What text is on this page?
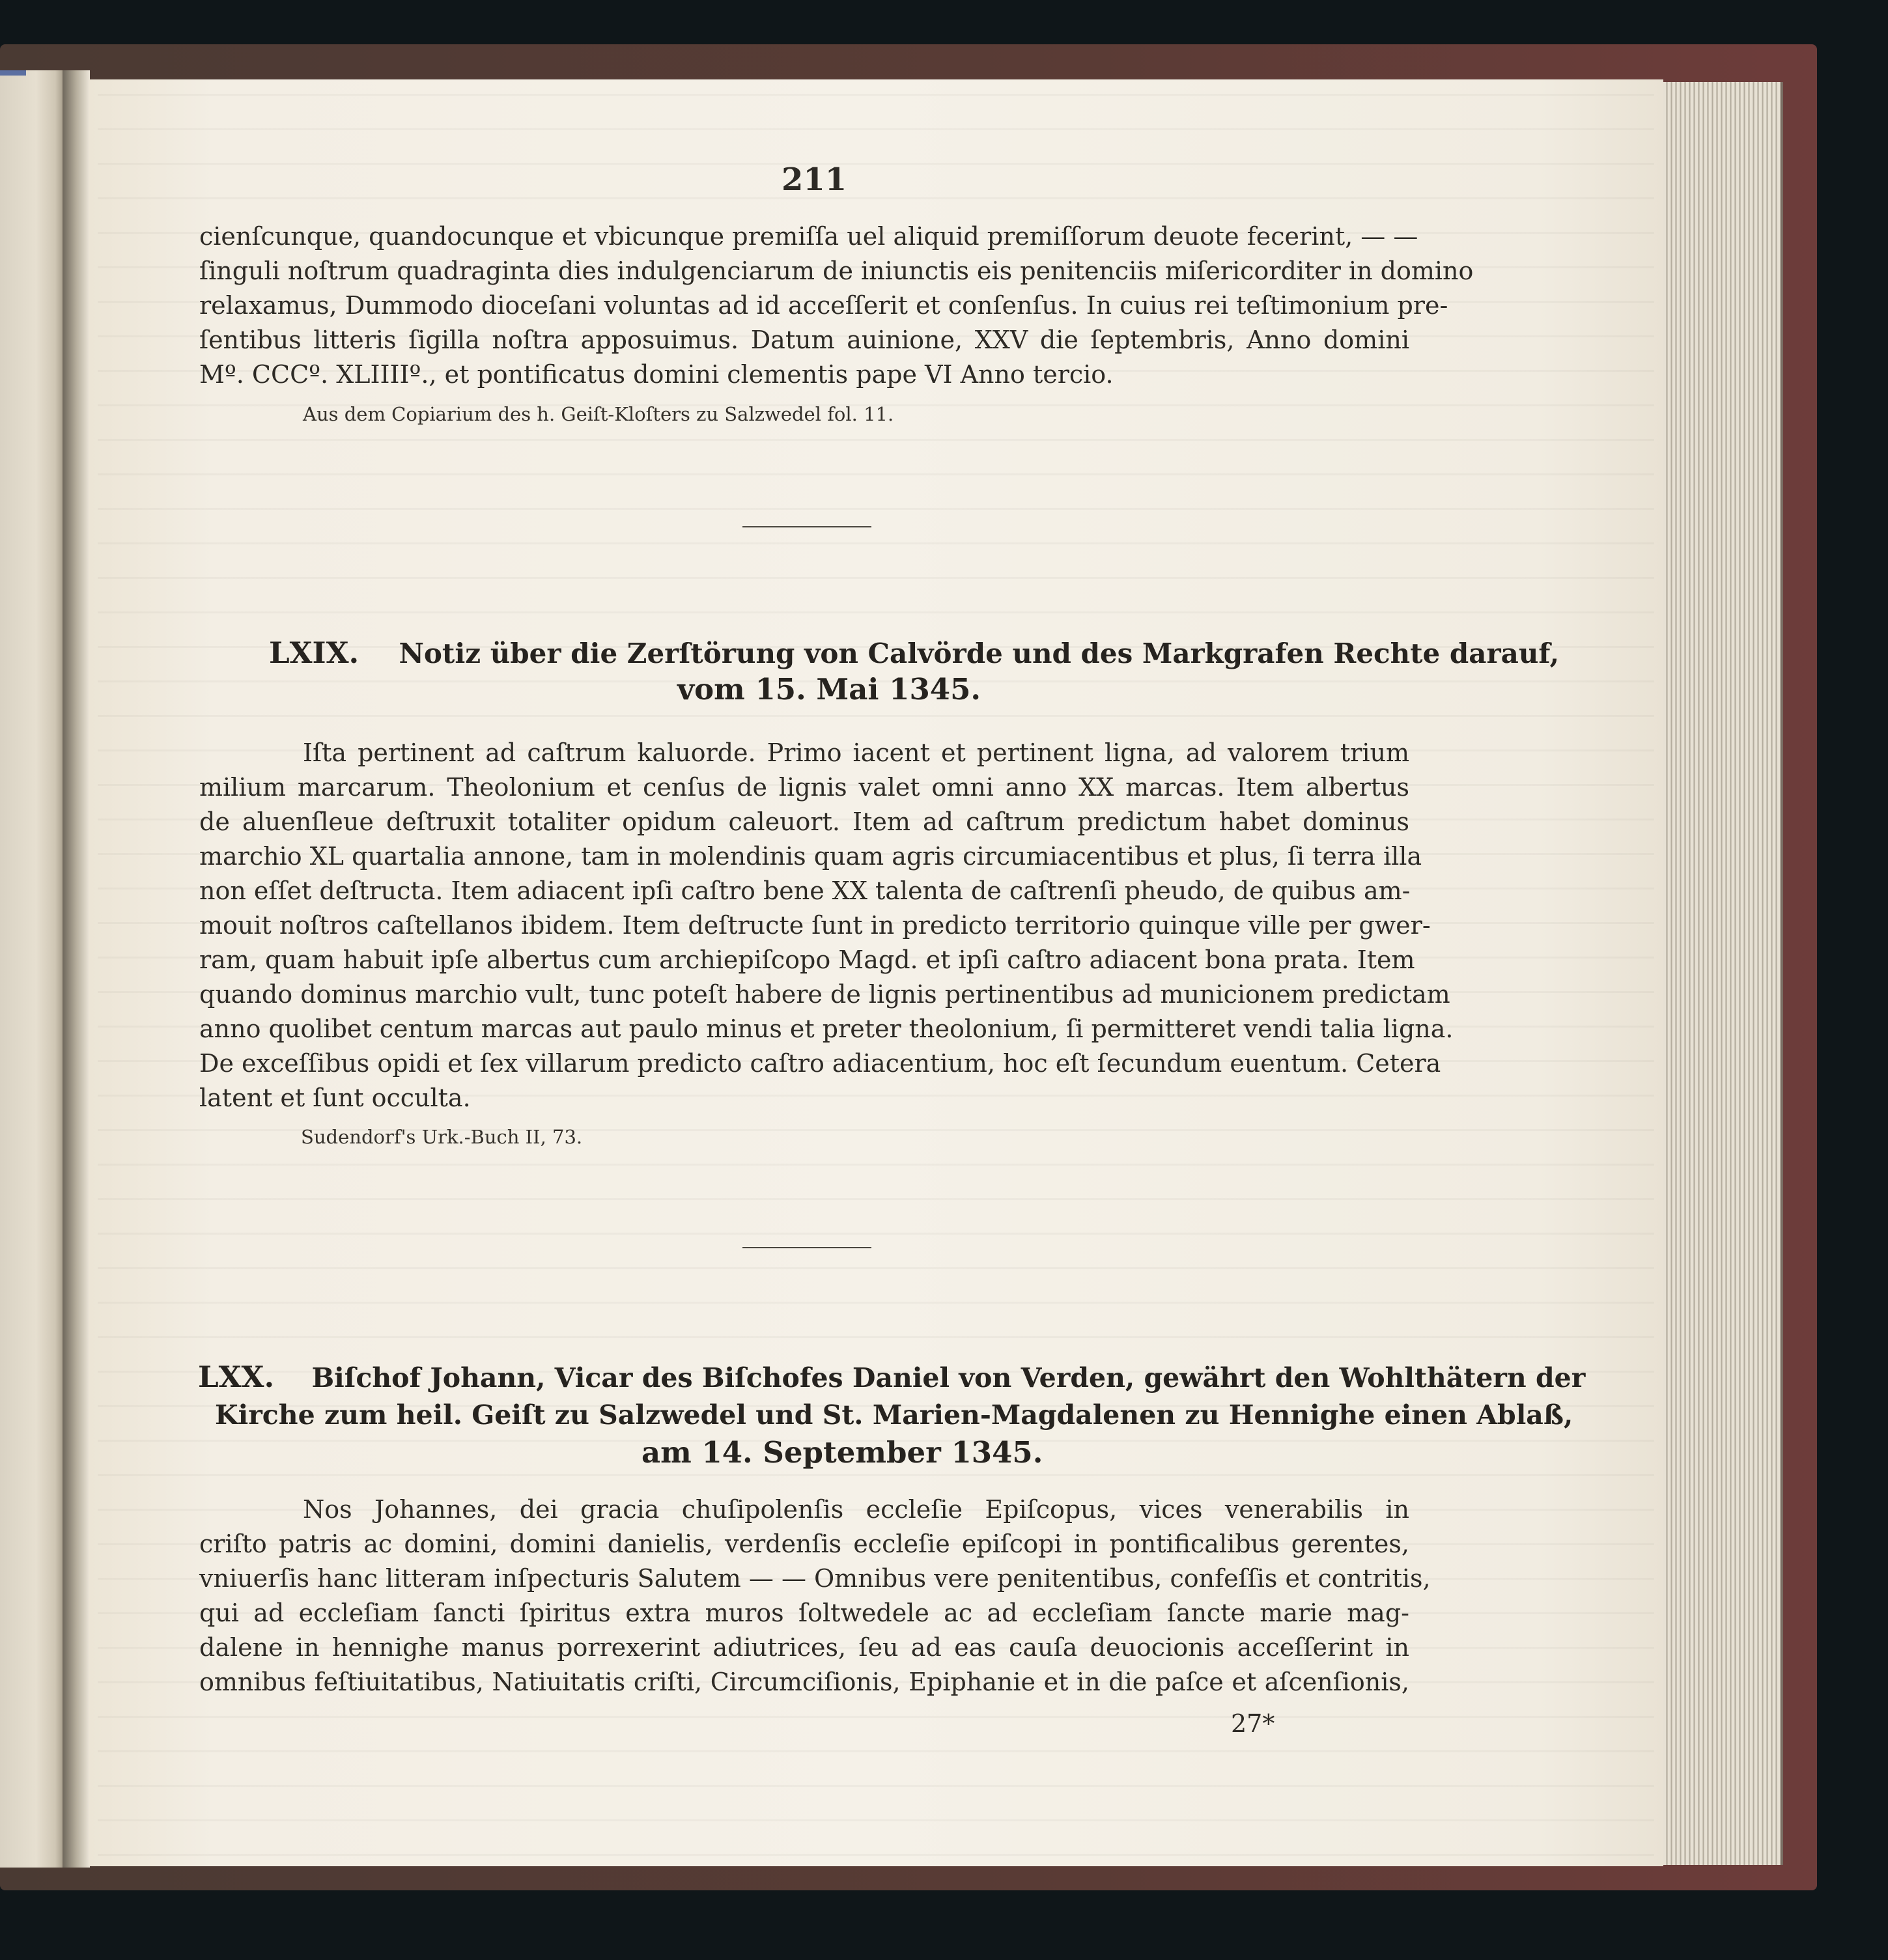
211

cienſcunque, quandocunque et vbicunque premiſſa uel aliquid premiſſorum deuote fecerint, — —

ſinguli noſtrum quadraginta dies indulgenciarum de iniunctis eis penitenciis miſericorditer in domino

relaxamus, Dummodo dioceſani voluntas ad id acceſſerit et conſenſus. In cuius rei teſtimonium pre-

ſentibus litteris ſigilla noſtra apposuimus. Datum auinione, XXV die ſeptembris, Anno domini

Mº. CCCº. XLIIIIº., et pontificatus domini clementis pape VI Anno tercio.

Aus dem Copiarium des h. Geiſt-Kloſters zu Salzwedel fol. 11.

LXIX. Notiz über die Zerſtörung von Calvörde und des Markgrafen Rechte darauf,

vom 15. Mai 1345.

Iſta pertinent ad caſtrum kaluorde. Primo iacent et pertinent ligna, ad valorem trium

milium marcarum. Theolonium et cenſus de lignis valet omni anno XX marcas. Item albertus

de aluenſleue deſtruxit totaliter opidum caleuort. Item ad caſtrum predictum habet dominus

marchio XL quartalia annone, tam in molendinis quam agris circumiacentibus et plus, ſi terra illa

non eſſet deſtructa. Item adiacent ipſi caſtro bene XX talenta de caſtrenſi pheudo, de quibus am-

mouit noſtros caſtellanos ibidem. Item deſtructe ſunt in predicto territorio quinque ville per gwer-

ram, quam habuit ipſe albertus cum archiepiſcopo Magd. et ipſi caſtro adiacent bona prata. Item

quando dominus marchio vult, tunc poteſt habere de lignis pertinentibus ad municionem predictam

anno quolibet centum marcas aut paulo minus et preter theolonium, ſi permitteret vendi talia ligna.

De exceſſibus opidi et ſex villarum predicto caſtro adiacentium, hoc eſt ſecundum euentum. Cetera

latent et ſunt occulta.

Sudendorf's Urk.-Buch II, 73.

LXX. Biſchof Johann, Vicar des Biſchofes Daniel von Verden, gewährt den Wohlthätern der

Kirche zum heil. Geiſt zu Salzwedel und St. Marien-Magdalenen zu Hennighe einen Ablaß,

am 14. September 1345.

Nos Johannes, dei gracia chuſipolenſis eccleſie Epiſcopus, vices venerabilis in

criſto patris ac domini, domini danielis, verdenſis eccleſie epiſcopi in pontificalibus gerentes,

vniuerſis hanc litteram inſpecturis Salutem — — Omnibus vere penitentibus, confeſſis et contritis,

qui ad eccleſiam ſancti ſpiritus extra muros ſoltwedele ac ad eccleſiam ſancte marie mag-

dalene in hennighe manus porrexerint adiutrices, ſeu ad eas cauſa deuocionis acceſſerint in

omnibus feſtiuitatibus, Natiuitatis criſti, Circumciſionis, Epiphanie et in die paſce et aſcenſionis,

27*
